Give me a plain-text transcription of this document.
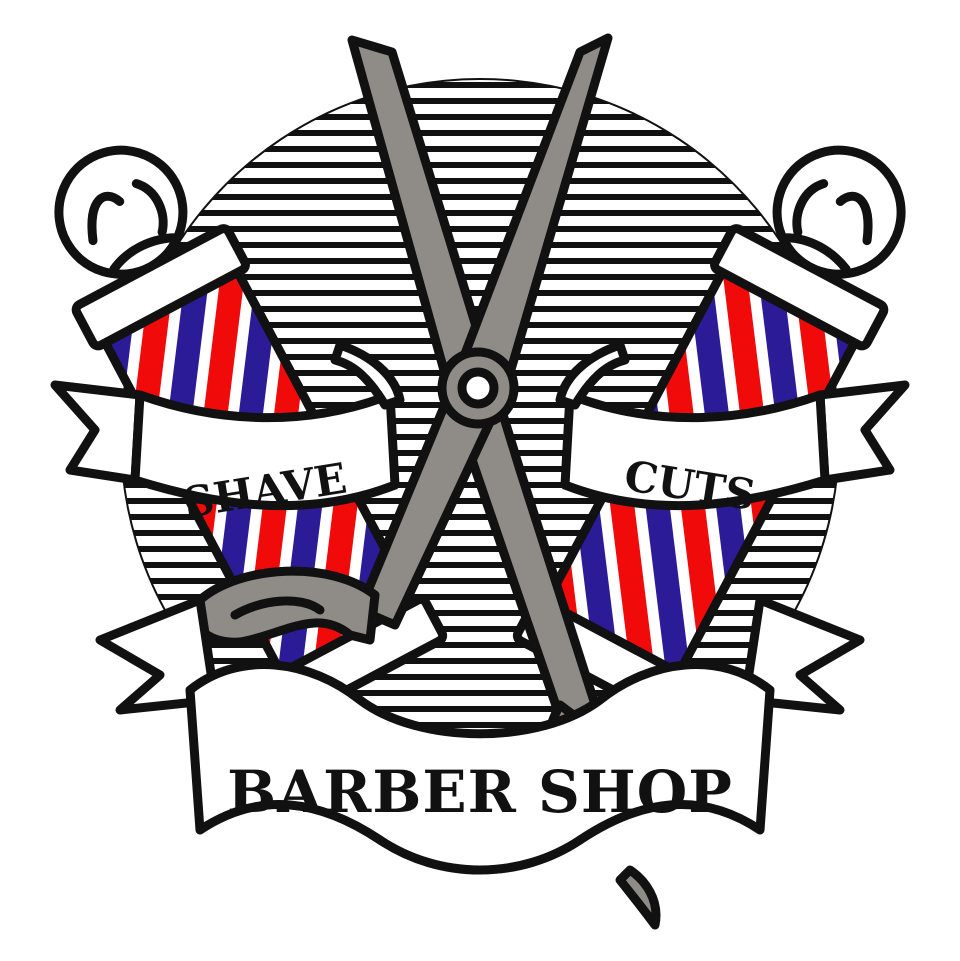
SHAVE	CUTS
BARBER SHOP
